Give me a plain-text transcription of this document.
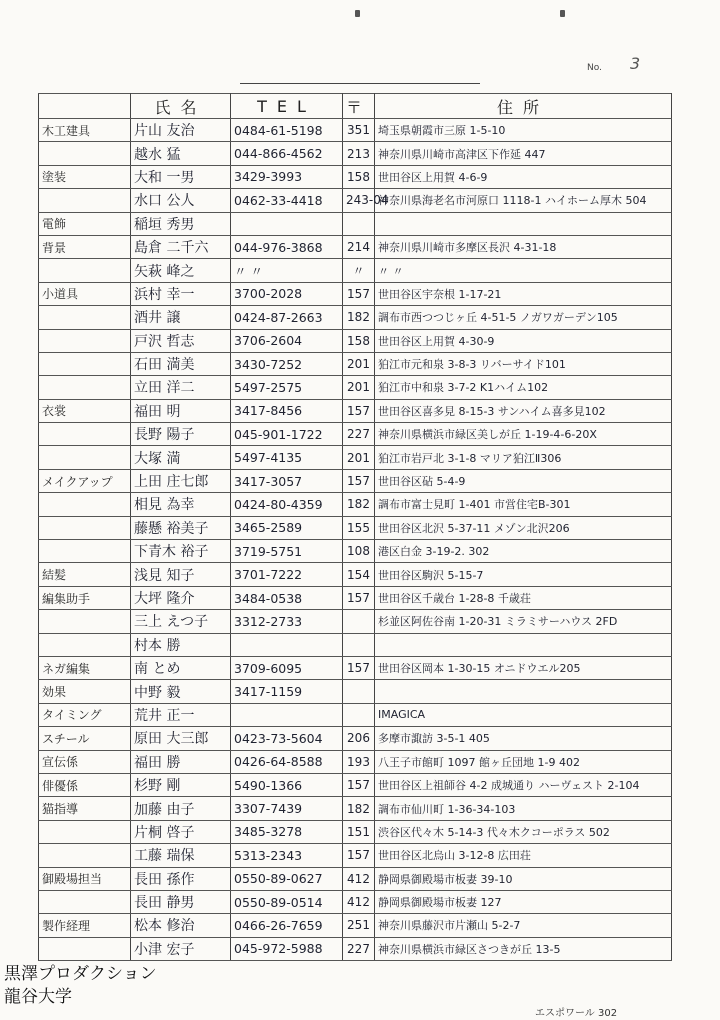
No. 3
	氏名	TEL	〒	住所
木工建具	片山 友治	0484-61-5198	351	埼玉県朝霞市三原 1-5-10
	越水 猛	044-866-4562	213	神奈川県川崎市高津区下作延 447
塗装	大和 一男	3429-3993	158	世田谷区上用賀 4-6-9
	水口 公人	0462-33-4418	243-04	神奈川県海老名市河原口 1118-1 ハイホーム厚木 504
電飾	稲垣 秀男			
背景	島倉 二千六	044-976-3868	214	神奈川県川崎市多摩区長沢 4-31-18
	矢萩 峰之	〃 〃	〃	〃 〃
小道具	浜村 幸一	3700-2028	157	世田谷区宇奈根 1-17-21
	酒井 譲	0424-87-2663	182	調布市西つつじヶ丘 4-51-5 ノガワガーデン105
	戸沢 哲志	3706-2604	158	世田谷区上用賀 4-30-9
	石田 満美	3430-7252	201	狛江市元和泉 3-8-3 リバーサイド101
	立田 洋二	5497-2575	201	狛江市中和泉 3-7-2 K1ハイム102
衣裳	福田 明	3417-8456	157	世田谷区喜多見 8-15-3 サンハイム喜多見102
	長野 陽子	045-901-1722	227	神奈川県横浜市緑区美しが丘 1-19-4-6-20X
	大塚 満	5497-4135	201	狛江市岩戸北 3-1-8 マリア狛江Ⅱ306
メイクアップ	上田 庄七郎	3417-3057	157	世田谷区砧 5-4-9
	相見 為幸	0424-80-4359	182	調布市富士見町 1-401 市営住宅B-301
	藤懸 裕美子	3465-2589	155	世田谷区北沢 5-37-11 メゾン北沢206
	下青木 裕子	3719-5751	108	港区白金 3-19-2. 302
結髪	浅見 知子	3701-7222	154	世田谷区駒沢 5-15-7
編集助手	大坪 隆介	3484-0538	157	世田谷区千歳台 1-28-8 千歳荘
	三上 えつ子	3312-2733		杉並区阿佐谷南 1-20-31 ミラミサーハウス 2FD
	村本 勝			
ネガ編集	南 とめ	3709-6095	157	世田谷区岡本 1-30-15 オニドウエル205
効果	中野 毅	3417-1159		
タイミング	荒井 正一			IMAGICA
スチール	原田 大三郎	0423-73-5604	206	多摩市諏訪 3-5-1 405
宣伝係	福田 勝	0426-64-8588	193	八王子市館町 1097 館ヶ丘団地 1-9 402
俳優係	杉野 剛	5490-1366	157	世田谷区上祖師谷 4-2 成城通り ハーヴェスト 2-104
猫指導	加藤 由子	3307-7439	182	調布市仙川町 1-36-34-103
	片桐 啓子	3485-3278	151	渋谷区代々木 5-14-3 代々木クコーポラス 502
	工藤 瑞保	5313-2343	157	世田谷区北烏山 3-12-8 広田荘
御殿場担当	長田 孫作	0550-89-0627	412	静岡県御殿場市板妻 39-10
	長田 静男	0550-89-0514	412	静岡県御殿場市板妻 127
製作経理	松本 修治	0466-26-7659	251	神奈川県藤沢市片瀬山 5-2-7
	小津 宏子	045-972-5988	227	神奈川県横浜市緑区さつきが丘 13-5
エスポワール 302
黒澤プロダクション
龍谷大学
